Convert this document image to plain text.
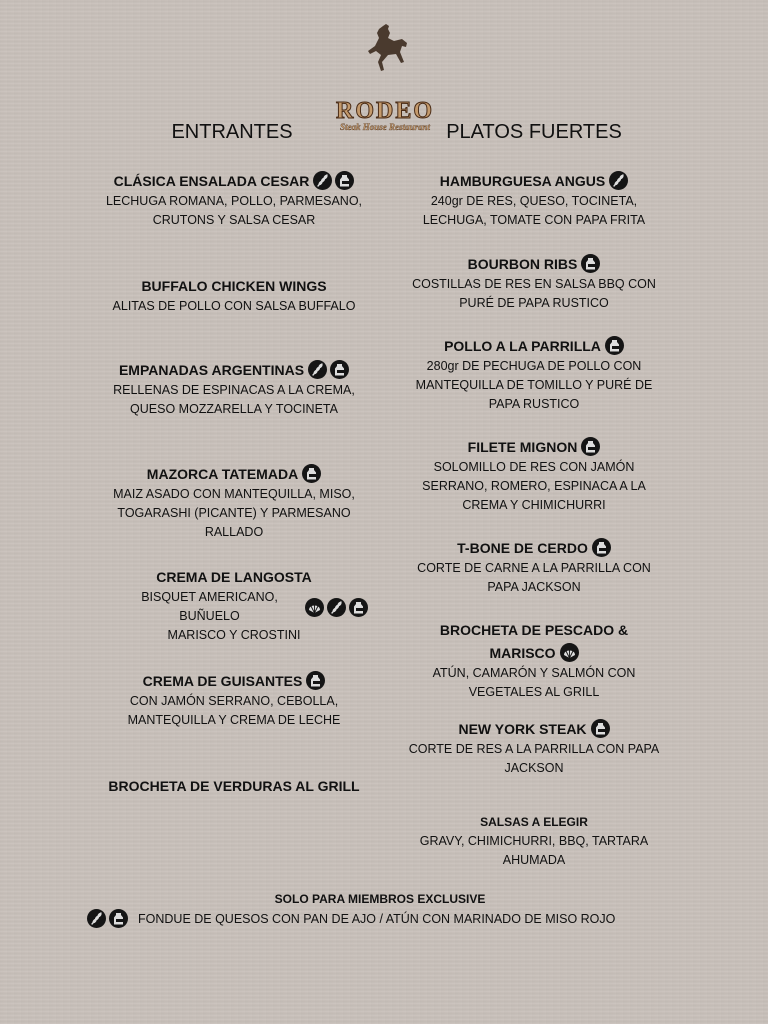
RODEO
Steak House Restaurant
ENTRANTES	PLATOS FUERTES
CLÁSICA ENSALADA CESAR
LECHUGA ROMANA, POLLO, PARMESANO, CRUTONS Y SALSA CESAR
BUFFALO CHICKEN WINGS
ALITAS DE POLLO CON SALSA BUFFALO
EMPANADAS ARGENTINAS
RELLENAS DE ESPINACAS A LA CREMA, QUESO MOZZARELLA Y TOCINETA
MAZORCA TATEMADA
MAIZ ASADO CON MANTEQUILLA, MISO, TOGARASHI (PICANTE) Y PARMESANO RALLADO
CREMA DE LANGOSTA
BISQUET AMERICANO, BUÑUELO
MARISCO Y CROSTINI
CREMA DE GUISANTES
CON JAMÓN SERRANO, CEBOLLA, MANTEQUILLA Y CREMA DE LECHE
BROCHETA DE VERDURAS AL GRILL
HAMBURGUESA ANGUS
240gr DE RES, QUESO, TOCINETA, LECHUGA, TOMATE CON PAPA FRITA
BOURBON RIBS
COSTILLAS DE RES EN SALSA BBQ CON PURÉ DE PAPA RUSTICO
POLLO A LA PARRILLA
280gr DE PECHUGA DE POLLO CON MANTEQUILLA DE TOMILLO Y PURÉ DE PAPA RUSTICO
FILETE MIGNON
SOLOMILLO DE RES CON JAMÓN SERRANO, ROMERO, ESPINACA A LA CREMA Y CHIMICHURRI
T-BONE DE CERDO
CORTE DE CARNE A LA PARRILLA CON PAPA JACKSON
BROCHETA DE PESCADO &
MARISCO
ATÚN, CAMARÓN Y SALMÓN CON VEGETALES AL GRILL
NEW YORK STEAK
CORTE DE RES A LA PARRILLA CON PAPA JACKSON
SALSAS A ELEGIR
GRAVY, CHIMICHURRI, BBQ, TARTARA AHUMADA
SOLO PARA MIEMBROS EXCLUSIVE
FONDUE DE QUESOS CON PAN DE AJO / ATÚN CON MARINADO DE MISO ROJO
